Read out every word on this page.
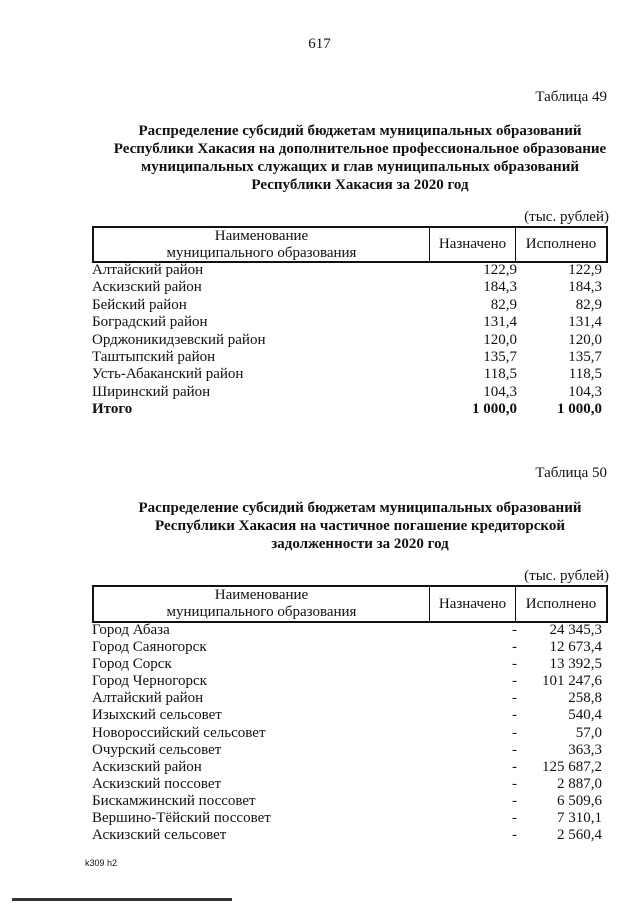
617
Таблица 49
Распределение субсидий бюджетам муниципальных образований
Республики Хакасия на дополнительное профессиональное образование
муниципальных служащих и глав муниципальных образований
Республики Хакасия за 2020 год
(тыс. рублей)
Наименование
муниципального образования
Назначено	Исполнено
Алтайский район	122,9	122,9
Аскизский район	184,3	184,3
Бейский район	82,9	82,9
Боградский район	131,4	131,4
Орджоникидзевский район	120,0	120,0
Таштыпский район	135,7	135,7
Усть-Абаканский район	118,5	118,5
Ширинский район	104,3	104,3
Итого	1 000,0	1 000,0
Таблица 50
Распределение субсидий бюджетам муниципальных образований
Республики Хакасия на частичное погашение кредиторской
задолженности за 2020 год
(тыс. рублей)
Наименование
муниципального образования
Назначено	Исполнено
Город Абаза	-	24 345,3
Город Саяногорск	-	12 673,4
Город Сорск	-	13 392,5
Город Черногорск	-	101 247,6
Алтайский район	-	258,8
Изыхский сельсовет	-	540,4
Новороссийский сельсовет	-	57,0
Очурский сельсовет	-	363,3
Аскизский район	-	125 687,2
Аскизский поссовет	-	2 887,0
Бискамжинский поссовет	-	6 509,6
Вершино-Тёйский поссовет	-	7 310,1
Аскизский сельсовет	-	2 560,4
k309 h2
